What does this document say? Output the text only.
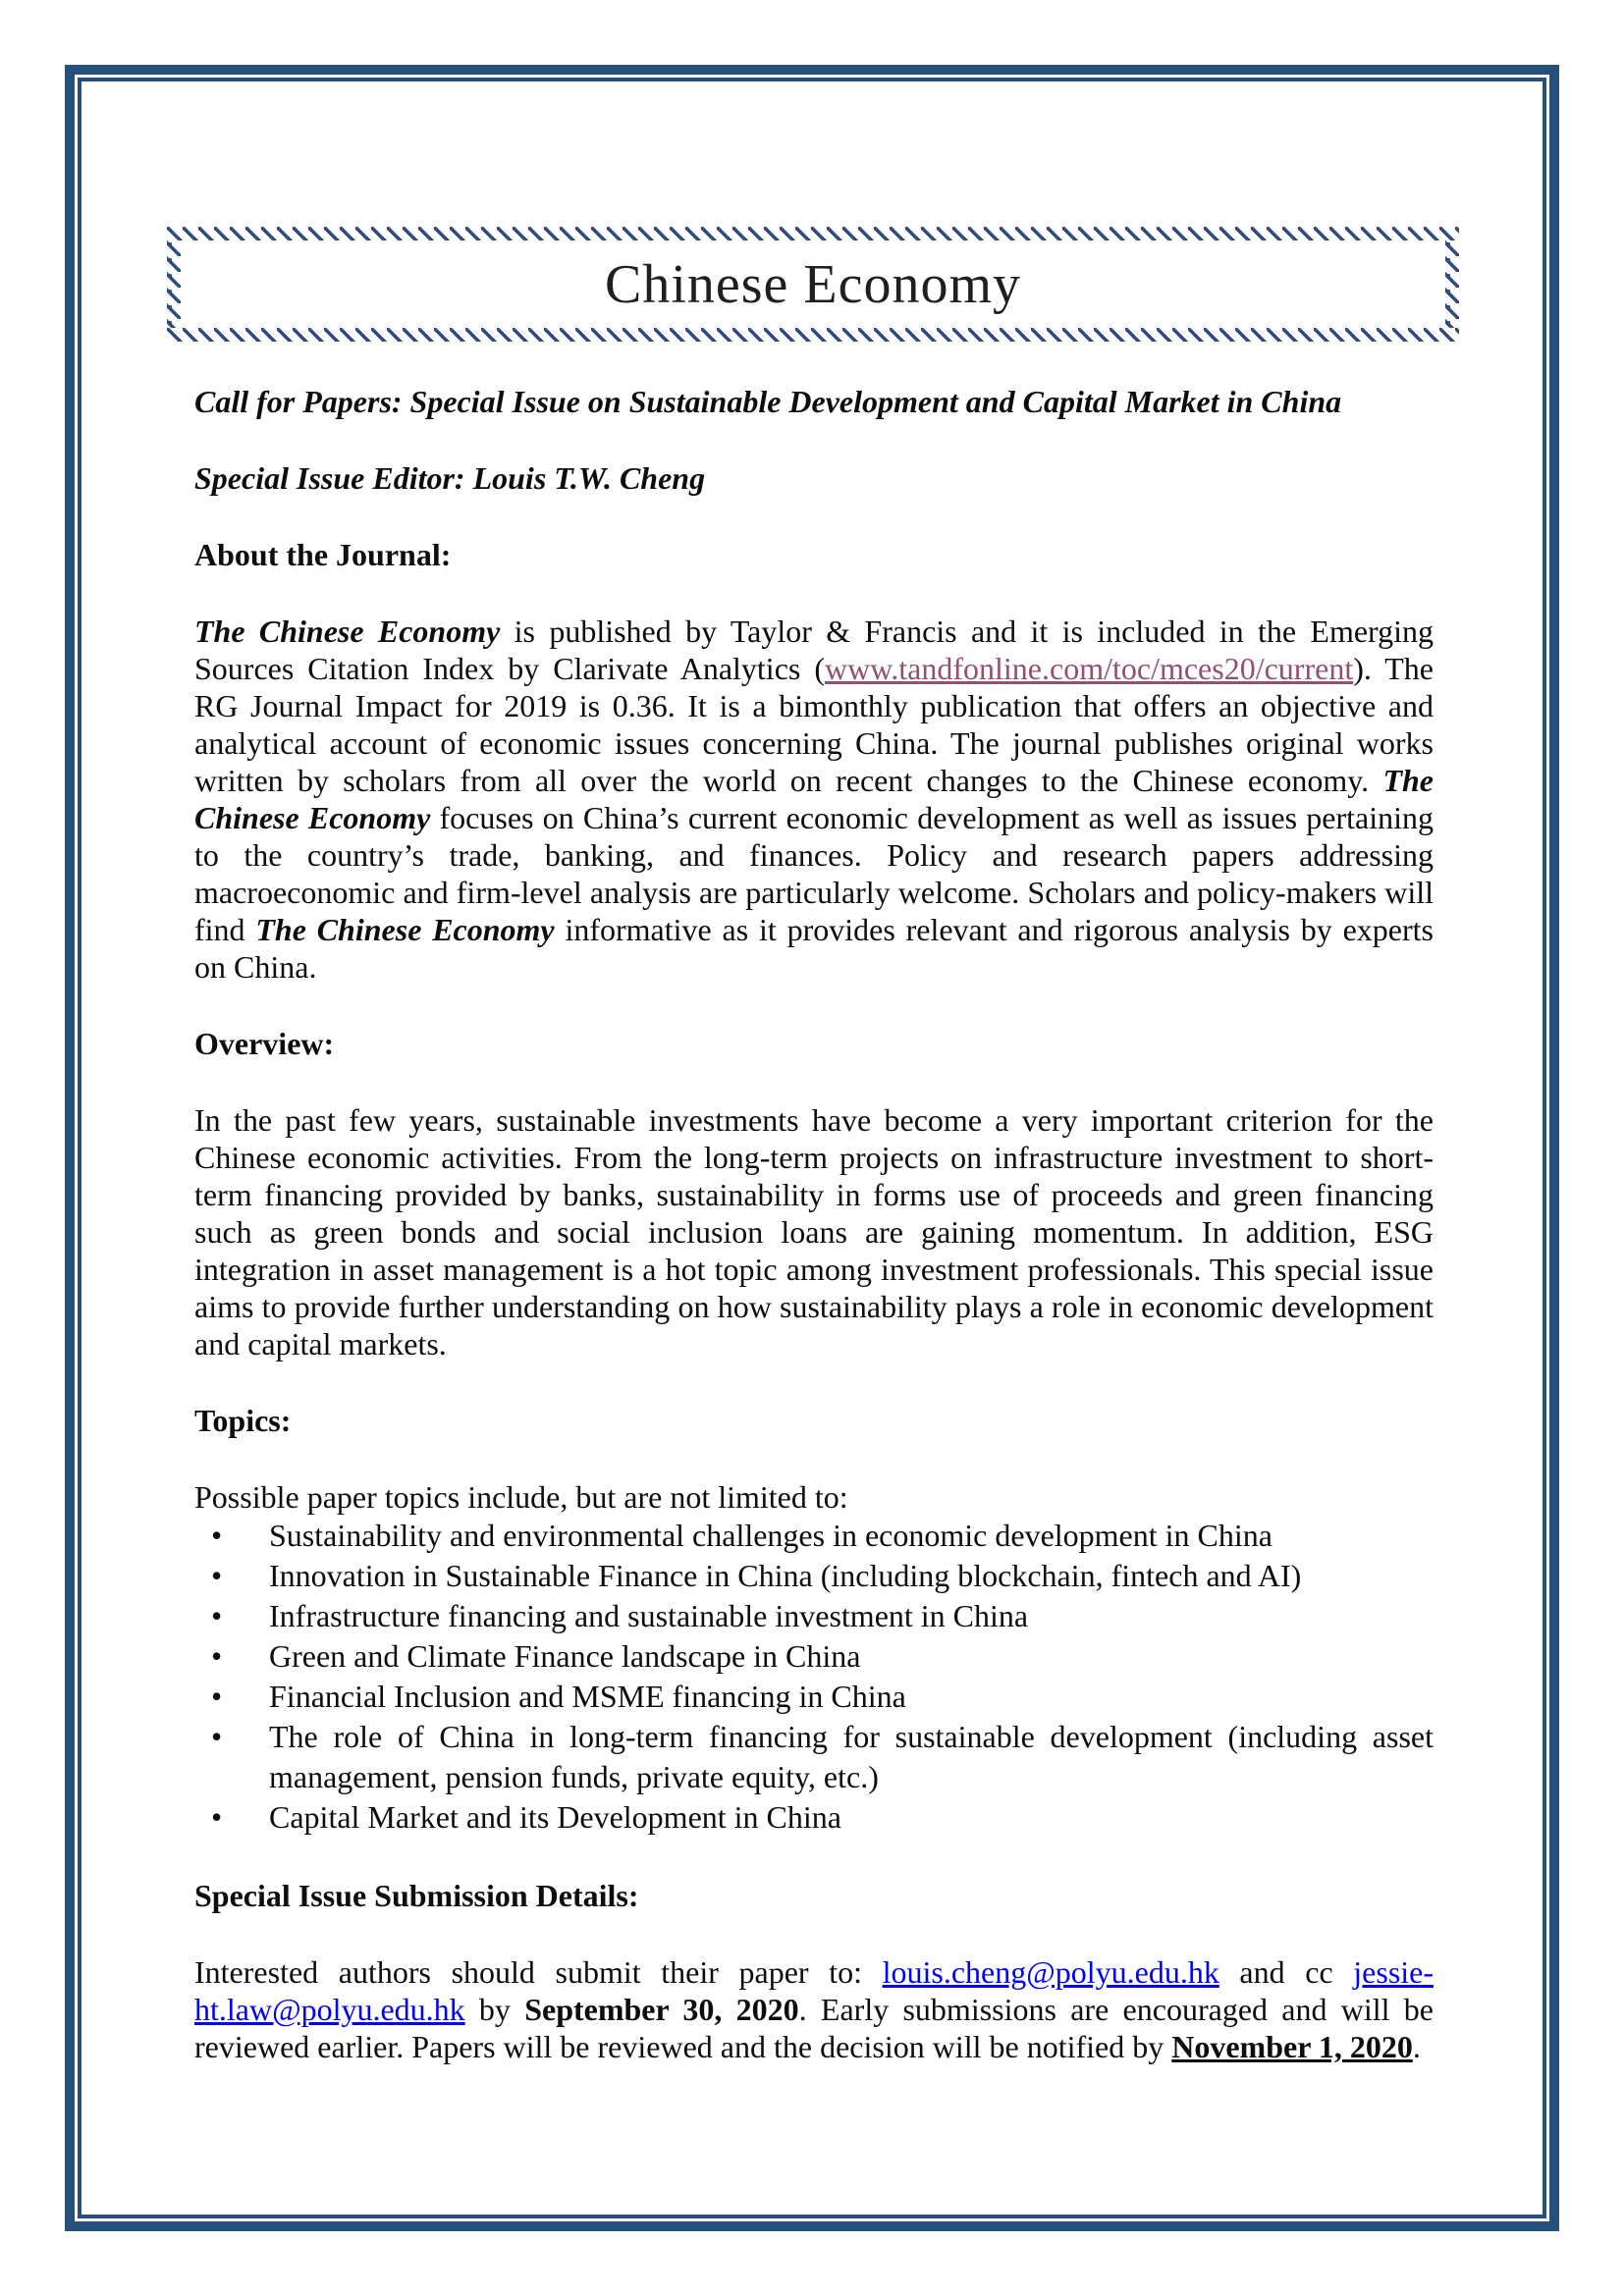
Chinese Economy

Call for Papers: Special Issue on Sustainable Development and Capital Market in China

Special Issue Editor: Louis T.W. Cheng

About the Journal:

The Chinese Economy is published by Taylor & Francis and it is included in the Emerging Sources Citation Index by Clarivate Analytics (www.tandfonline.com/toc/mces20/current). The RG Journal Impact for 2019 is 0.36. It is a bimonthly publication that offers an objective and analytical account of economic issues concerning China. The journal publishes original works written by scholars from all over the world on recent changes to the Chinese economy. The Chinese Economy focuses on China’s current economic development as well as issues pertaining to the country’s trade, banking, and finances. Policy and research papers addressing macroeconomic and firm-level analysis are particularly welcome. Scholars and policy-makers will find The Chinese Economy informative as it provides relevant and rigorous analysis by experts on China.

Overview:

In the past few years, sustainable investments have become a very important criterion for the Chinese economic activities. From the long-term projects on infrastructure investment to short-term financing provided by banks, sustainability in forms use of proceeds and green financing such as green bonds and social inclusion loans are gaining momentum. In addition, ESG integration in asset management is a hot topic among investment professionals. This special issue aims to provide further understanding on how sustainability plays a role in economic development and capital markets.

Topics:

Possible paper topics include, but are not limited to:

• Sustainability and environmental challenges in economic development in China
• Innovation in Sustainable Finance in China (including blockchain, fintech and AI)
• Infrastructure financing and sustainable investment in China
• Green and Climate Finance landscape in China
• Financial Inclusion and MSME financing in China
• The role of China in long-term financing for sustainable development (including asset management, pension funds, private equity, etc.)
• Capital Market and its Development in China
Special Issue Submission Details:

Interested authors should submit their paper to: louis.cheng@polyu.edu.hk and cc jessie-ht.law@polyu.edu.hk by September 30, 2020. Early submissions are encouraged and will be reviewed earlier. Papers will be reviewed and the decision will be notified by November 1, 2020.
